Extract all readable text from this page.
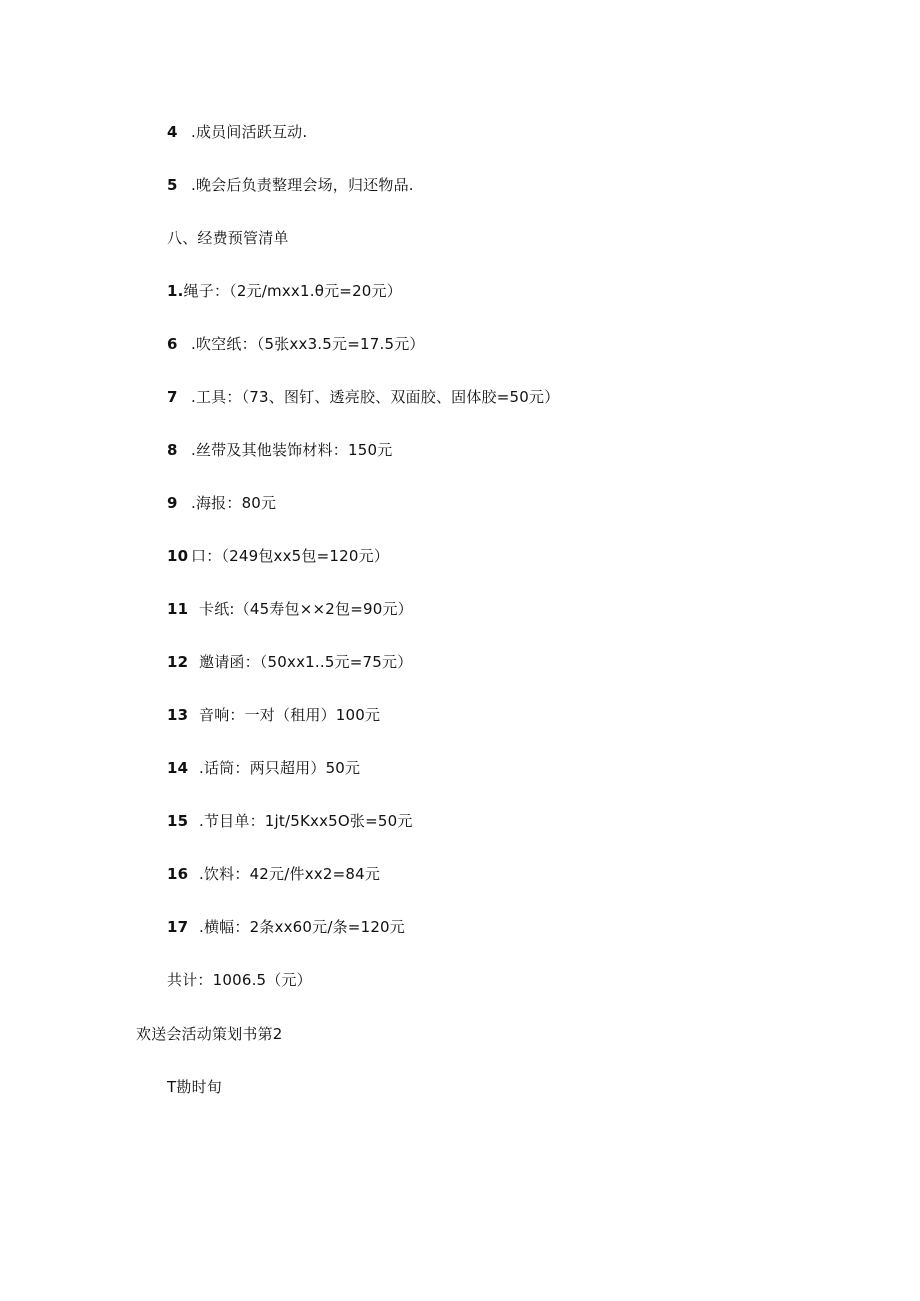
4 .成员间活跃互动.
5 .晚会后负责整理会场，归还物品.
八、经费预管清单
1.绳子：（2元/mxx1.θ元=20元）
6 .吹空纸：（5张xx3.5元=17.5元）
7 .工具：（73、图钉、透亮胶、双面胶、固体胶=50元）
8 .丝带及其他装饰材料：150元
9 .海报：80元
10 口：（249包xx5包=120元）
11 卡纸:（45寿包××2包=90元）
12 邀请函：（50xx1..5元=75元）
13 音响：一对（租用）100元
14 .话筒：两只超用）50元
15 .节目单：1jt/5Kxx5O张=50元
16 .饮料：42元/件xx2=84元
17 .横幅：2条xx60元/条=120元
共计：1006.5（元）
欢送会活动策划书第2
T勘时旬
